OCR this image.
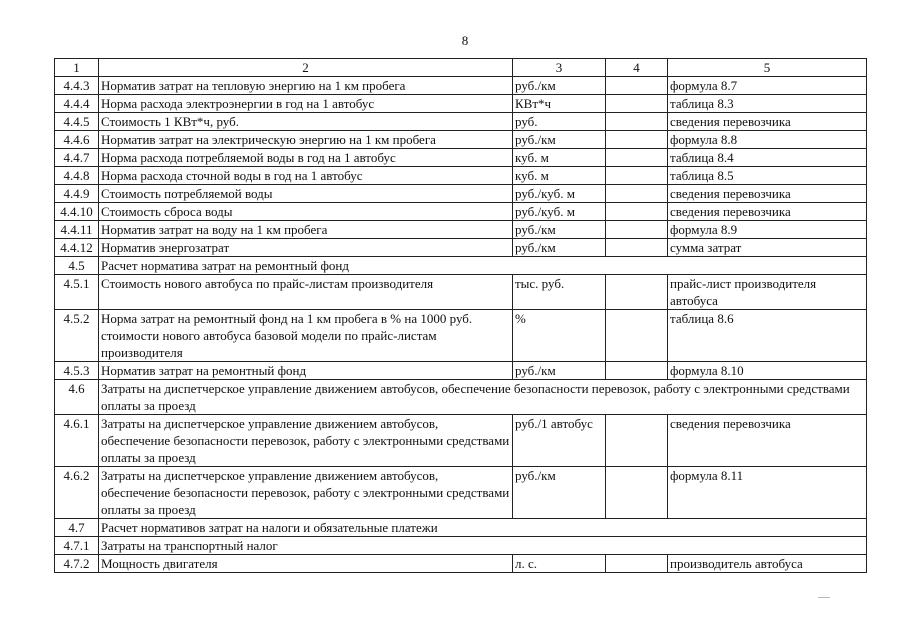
8
1	2	3	4	5
4.4.3	Норматив затрат на тепловую энергию на 1 км пробега	руб./км		формула 8.7
4.4.4	Норма расхода электроэнергии в год на 1 автобус	КВт*ч		таблица 8.3
4.4.5	Стоимость 1 КВт*ч, руб.	руб.		сведения перевозчика
4.4.6	Норматив затрат на электрическую энергию на 1 км пробега	руб./км		формула 8.8
4.4.7	Норма расхода потребляемой воды в год на 1 автобус	куб. м		таблица 8.4
4.4.8	Норма расхода сточной воды в год на 1 автобус	куб. м		таблица 8.5
4.4.9	Стоимость потребляемой воды	руб./куб. м		сведения перевозчика
4.4.10	Стоимость сброса воды	руб./куб. м		сведения перевозчика
4.4.11	Норматив затрат на воду на 1 км пробега	руб./км		формула 8.9
4.4.12	Норматив энергозатрат	руб./км		сумма затрат
4.5	Расчет норматива затрат на ремонтный фонд			
4.5.1	Стоимость нового автобуса по прайс-листам производителя	тыс. руб.		прайс-лист производителя автобуса
4.5.2	Норма затрат на ремонтный фонд на 1 км пробега в % на 1000 руб. стоимости нового автобуса базовой модели по прайс-листам производителя	%		таблица 8.6
4.5.3	Норматив затрат на ремонтный фонд	руб./км		формула 8.10
4.6	Затраты на диспетчерское управление движением автобусов, обеспечение безопасности перевозок, работу с электронными средствами оплаты за проезд			
4.6.1	Затраты на диспетчерское управление движением автобусов, обеспечение безопасности перевозок, работу с электронными средствами оплаты за проезд	руб./1 автобус		сведения перевозчика
4.6.2	Затраты на диспетчерское управление движением автобусов, обеспечение безопасности перевозок, работу с электронными средствами оплаты за проезд	руб./км		формула 8.11
4.7	Расчет нормативов затрат на налоги и обязательные платежи			
4.7.1	Затраты на транспортный налог			
4.7.2	Мощность двигателя	л. с.		производитель автобуса
